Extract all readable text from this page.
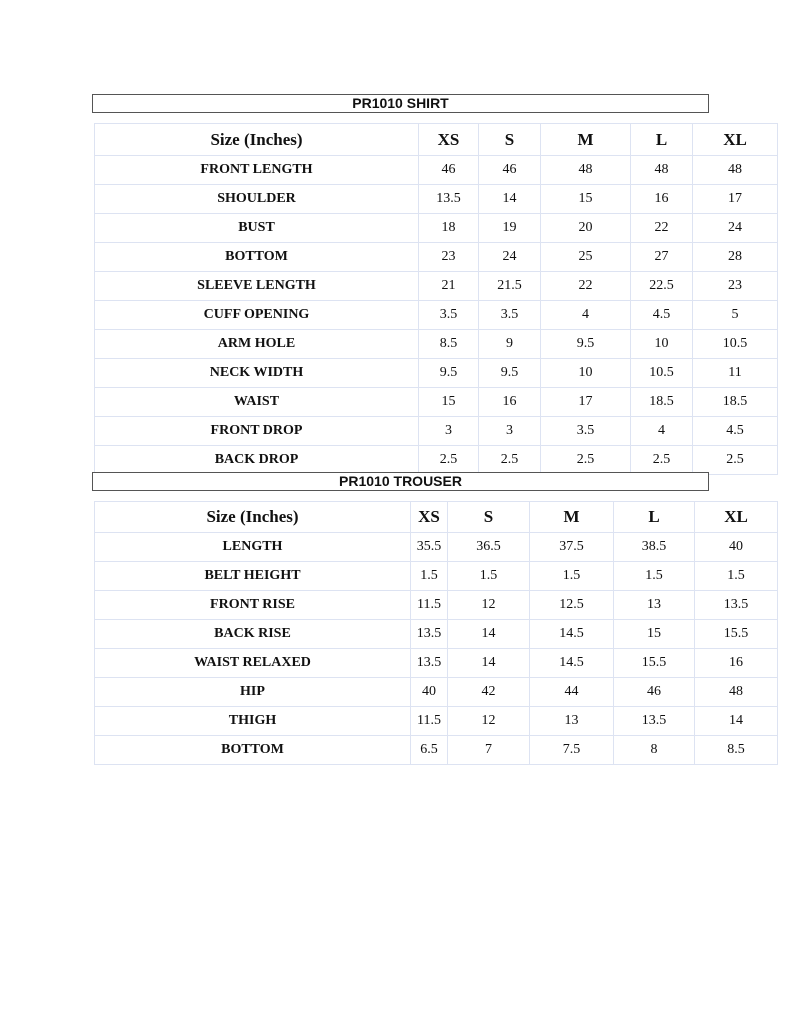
PR1010 SHIRT
Size (Inches)	XS	S	M	L	XL
FRONT LENGTH	46	46	48	48	48
SHOULDER	13.5	14	15	16	17
BUST	18	19	20	22	24
BOTTOM	23	24	25	27	28
SLEEVE LENGTH	21	21.5	22	22.5	23
CUFF OPENING	3.5	3.5	4	4.5	5
ARM HOLE	8.5	9	9.5	10	10.5
NECK WIDTH	9.5	9.5	10	10.5	11
WAIST	15	16	17	18.5	18.5
FRONT DROP	3	3	3.5	4	4.5
BACK DROP	2.5	2.5	2.5	2.5	2.5
PR1010 TROUSER
Size (Inches)	XS	S	M	L	XL
LENGTH	35.5	36.5	37.5	38.5	40
BELT HEIGHT	1.5	1.5	1.5	1.5	1.5
FRONT RISE	11.5	12	12.5	13	13.5
BACK RISE	13.5	14	14.5	15	15.5
WAIST RELAXED	13.5	14	14.5	15.5	16
HIP	40	42	44	46	48
THIGH	11.5	12	13	13.5	14
BOTTOM	6.5	7	7.5	8	8.5
